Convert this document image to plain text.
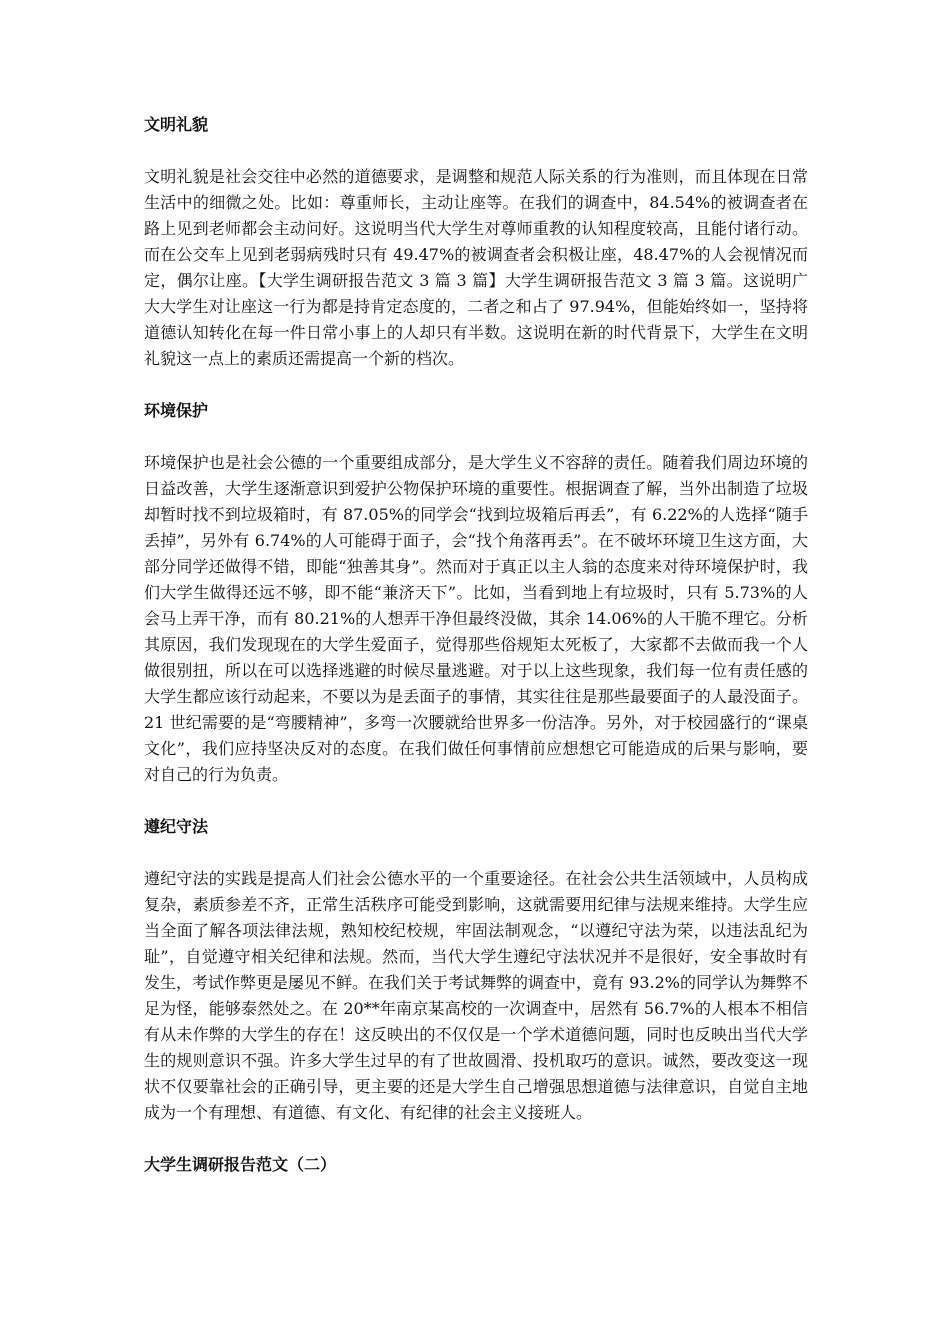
文明礼貌

文明礼貌是社会交往中必然的道德要求，是调整和规范人际关系的行为准则，而且体现在日常生活中的细微之处。比如：尊重师长，主动让座等。在我们的调查中，84.54%的被调查者在路上见到老师都会主动问好。这说明当代大学生对尊师重教的认知程度较高，且能付诸行动。而在公交车上见到老弱病残时只有 49.47%的被调查者会积极让座，48.47%的人会视情况而定，偶尔让座。【大学生调研报告范文 3 篇 3 篇】大学生调研报告范文 3 篇 3 篇。这说明广大大学生对让座这一行为都是持肯定态度的，二者之和占了 97.94%，但能始终如一，坚持将道德认知转化在每一件日常小事上的人却只有半数。这说明在新的时代背景下，大学生在文明礼貌这一点上的素质还需提高一个新的档次。

环境保护

环境保护也是社会公德的一个重要组成部分，是大学生义不容辞的责任。随着我们周边环境的日益改善，大学生逐渐意识到爱护公物保护环境的重要性。根据调查了解，当外出制造了垃圾却暂时找不到垃圾箱时，有 87.05%的同学会“找到垃圾箱后再丢”，有 6.22%的人选择“随手丢掉”，另外有 6.74%的人可能碍于面子，会“找个角落再丢”。在不破坏环境卫生这方面，大部分同学还做得不错，即能“独善其身”。然而对于真正以主人翁的态度来对待环境保护时，我们大学生做得还远不够，即不能“兼济天下”。比如，当看到地上有垃圾时，只有 5.73%的人会马上弄干净，而有 80.21%的人想弄干净但最终没做，其余 14.06%的人干脆不理它。分析其原因，我们发现现在的大学生爱面子，觉得那些俗规矩太死板了，大家都不去做而我一个人做很别扭，所以在可以选择逃避的时候尽量逃避。对于以上这些现象，我们每一位有责任感的大学生都应该行动起来，不要以为是丢面子的事情，其实往往是那些最要面子的人最没面子。21 世纪需要的是“弯腰精神”，多弯一次腰就给世界多一份洁净。另外，对于校园盛行的“课桌文化”，我们应持坚决反对的态度。在我们做任何事情前应想想它可能造成的后果与影响，要对自己的行为负责。

遵纪守法

遵纪守法的实践是提高人们社会公德水平的一个重要途径。在社会公共生活领域中，人员构成复杂，素质参差不齐，正常生活秩序可能受到影响，这就需要用纪律与法规来维持。大学生应当全面了解各项法律法规，熟知校纪校规，牢固法制观念，“以遵纪守法为荣，以违法乱纪为耻”，自觉遵守相关纪律和法规。然而，当代大学生遵纪守法状况并不是很好，安全事故时有发生，考试作弊更是屡见不鲜。在我们关于考试舞弊的调查中，竟有 93.2%的同学认为舞弊不足为怪，能够泰然处之。在 20**年南京某高校的一次调查中，居然有 56.7%的人根本不相信有从未作弊的大学生的存在！这反映出的不仅仅是一个学术道德问题，同时也反映出当代大学生的规则意识不强。许多大学生过早的有了世故圆滑、投机取巧的意识。诚然，要改变这一现状不仅要靠社会的正确引导，更主要的还是大学生自己增强思想道德与法律意识，自觉自主地成为一个有理想、有道德、有文化、有纪律的社会主义接班人。

大学生调研报告范文（二）
